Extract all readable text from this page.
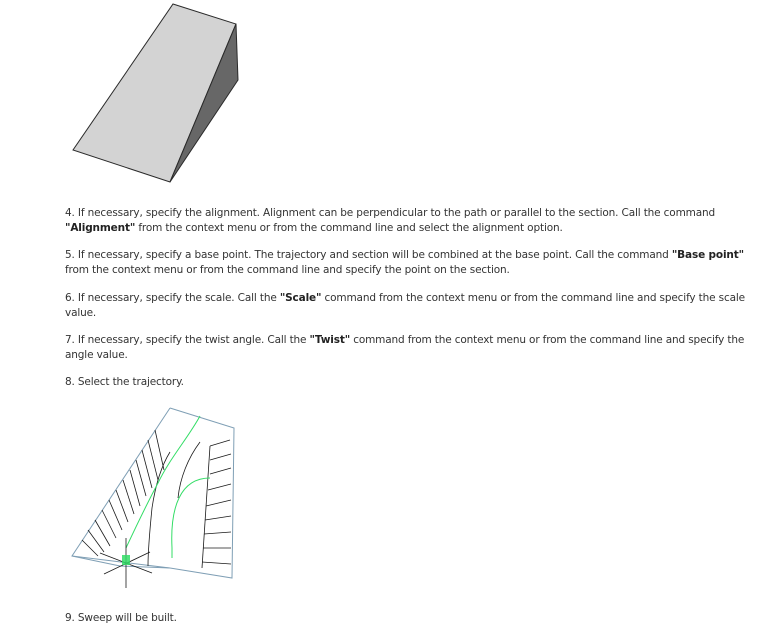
4. If necessary, specify the alignment. Alignment can be perpendicular to the path or parallel to the section. Call the command "Alignment" from the context menu or from the command line and select the alignment option.

5. If necessary, specify a base point. The trajectory and section will be combined at the base point. Call the command "Base point" from the context menu or from the command line and specify the point on the section.

6. If necessary, specify the scale. Call the "Scale" command from the context menu or from the command line and specify the scale value.

7. If necessary, specify the twist angle. Call the "Twist" command from the context menu or from the command line and specify the angle value.

8. Select the trajectory.

9. Sweep will be built.
